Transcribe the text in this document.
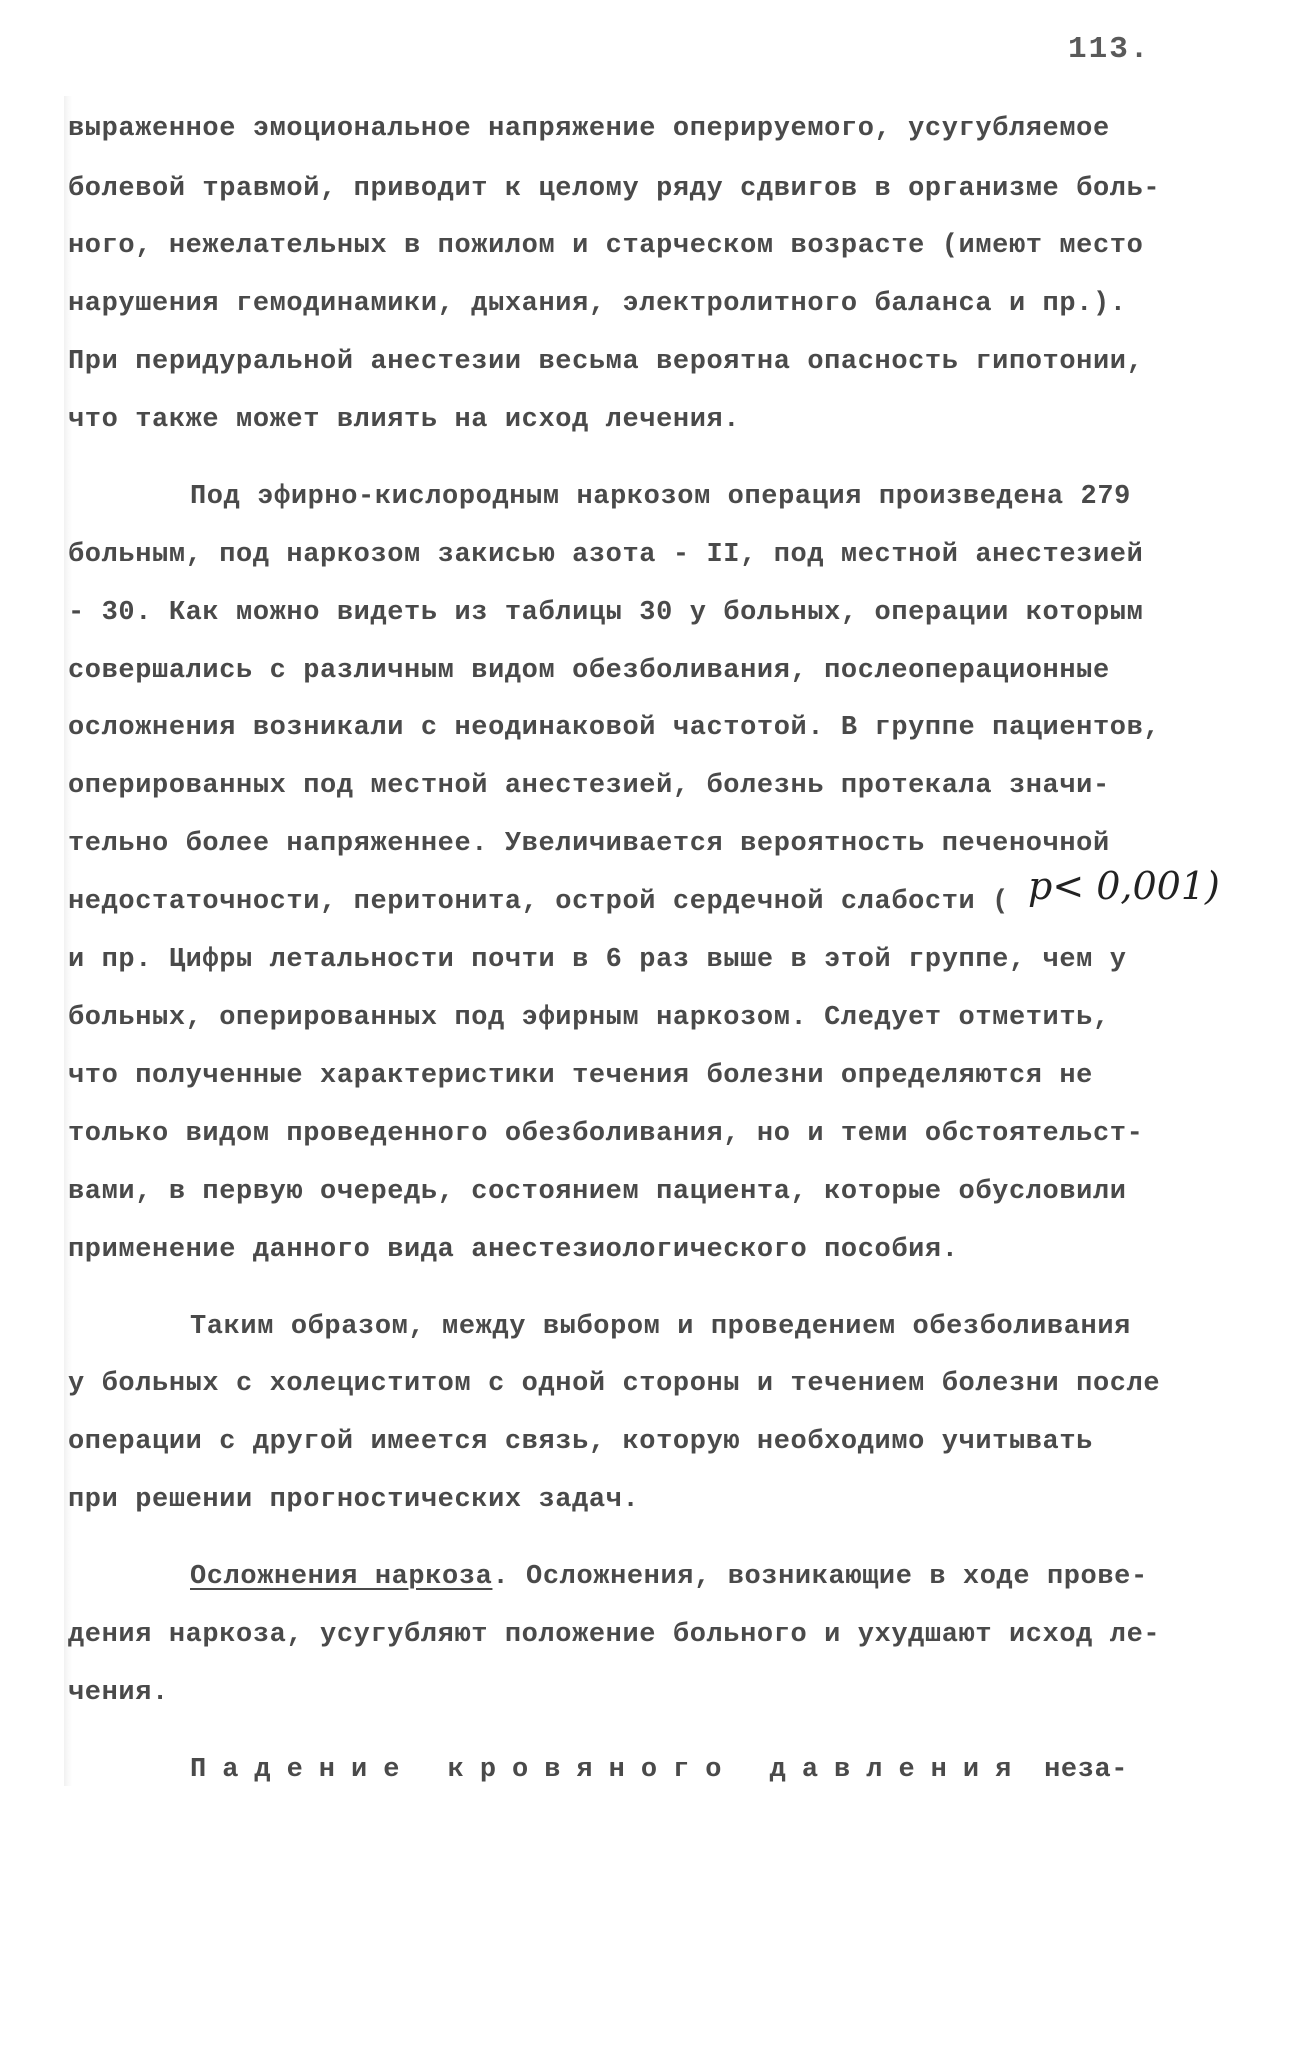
113.
выраженное эмоциональное напряжение оперируемого, усугубляемое
болевой травмой, приводит к целому ряду сдвигов в организме боль-
ного, нежелательных в пожилом и старческом возрасте (имеют место
нарушения гемодинамики, дыхания, электролитного баланса и пр.).
При перидуральной анестезии весьма вероятна опасность гипотонии,
что также может влиять на исход лечения.
Под эфирно-кислородным наркозом операция произведена 279
больным, под наркозом закисью азота - II, под местной анестезией
- 30. Как можно видеть из таблицы 30 у больных, операции которым
совершались с различным видом обезболивания, послеоперационные
осложнения возникали с неодинаковой частотой. В группе пациентов,
оперированных под местной анестезией, болезнь протекала значи-
тельно более напряженнее. Увеличивается вероятность печеночной
недостаточности, перитонита, острой сердечной слабости ( p< 0,001)
и пр. Цифры летальности почти в 6 раз выше в этой группе, чем у
больных, оперированных под эфирным наркозом. Следует отметить,
что полученные характеристики течения болезни определяются не
только видом проведенного обезболивания, но и теми обстоятельст-
вами, в первую очередь, состоянием пациента, которые обусловили
применение данного вида анестезиологического пособия.
Таким образом, между выбором и проведением обезболивания
у больных с холециститом с одной стороны и течением болезни после
операции с другой имеется связь, которую необходимо учитывать
при решении прогностических задач.
Осложнения наркоза. Осложнения, возникающие в ходе прове-
дения наркоза, усугубляют положение больного и ухудшают исход ле-
чения.
Падение кровяного давления неза-
